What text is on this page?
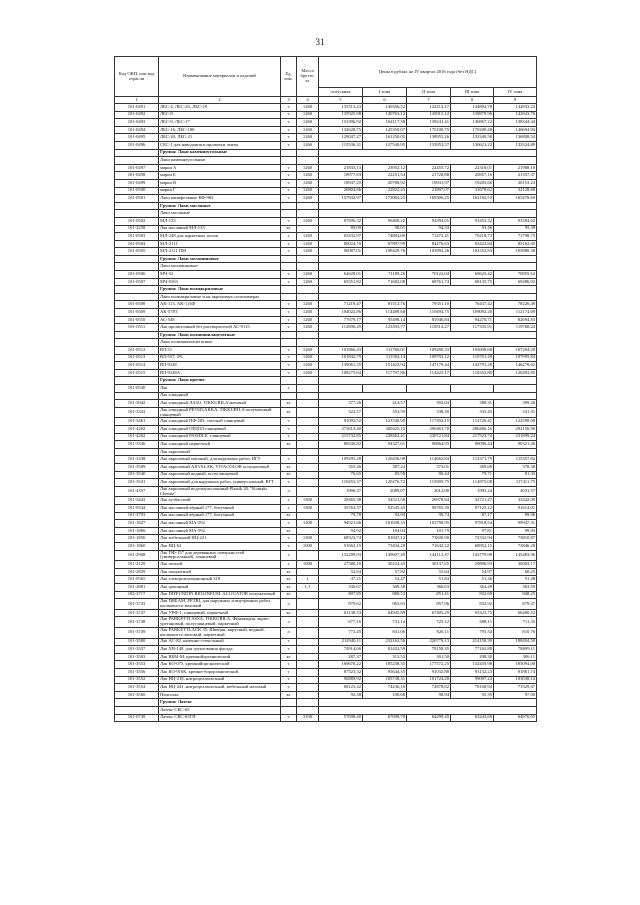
31
Код ОКП, или код отрасли	Наименование материалов и изделий	Ед. изм.	Масса брутто, кг	Цены в рублях на IV квартал 2016 года (без НДС)				
				отпускная	I зона	II зона	III зона	IV зона
1	2	3	4	5	6	7	8	9
101-0491	ЛБС-4, ЛБС-20, ЛБС-29	т	1260	135513,23	140356,52	142212,17	144892,78	142833,23
101-0492	ЛБС-8	т	1260	135925,98	140763,12	143915,12	139879,96	142843,76
101-0493	ЛБС-9, ЛБС-17	т	1260	131396,92	164117,38	138241,41	136867,22	138344,44
101-0494	ЛБС-16, ЛБС-180	т	1260	132628,75	145350,07	170100,75	170200,48	146694,94
101-0495	ЛБС-20, ЛБС-21	т	1260	129047,27	161250,05	138955,26	133340,58	136808,54
101-0496	СБС-1 для наводения и пропитки ленты	т	1260	115536,31	127540,95	133952,57	130621,22	133324,89
	Группа: Лаки каменноугольные							
	Лаки каменноугольные							
101-0497	марки А	т	1260	21833,13	23952,12	22455,72	22318,01	21988,10
101-0498	марки Б	т	1260	18977,83	22251,54	21728,88	20857,16	21357,37
101-0499	марки В	т	1260	18947,25	20788,92	19941,97	19283,66	20153,23
101-0500	марки Г	т	1260	20804,86	22822,43	21897,07	31678,62	32128,68
101-0501	Лаки канифольные КФ-965	т	1260	157942,97	173004,25	169306,25	162182,53	165478,69
	Группа: Лаки масляные							
	Лаки масляные							
101-0502	МЛ-133	т	1260	87696,32	96408,22	94394,05	93453,32	93394,62
101-2258	Лак масляный МЛ-133	кг		89,09	98,61	94,33	93,46	95,39
101-0503	МЛ-248 для паркетных полов	т	1260	65432,97	74894,00	71472,41	70218,73	71798,75
101-0504	МЛ-2111	т	1260	80024,70	87897,99	84276,63	83423,84	85162,45
101-0505	МЛ-2111 ПМ	т	1260	96087,01	108429,76	103992,26	102352,83	105880,38
	Группа: Лаки меламиновые							
	Лаки меламиновые							
101-0506	МЧ-52	т	1260	64629,01	71189,26	70122,04	69625,42	70855,62
101-0507	МЧ-0163	т	1260	65351,82	71682,08	68761,74	68135,75	69486,92
	Группа: Лаки полиакриловые							
	Лаки полиакриловые и на акриловых сополимерах							
101-0508	АК-113, АК-113Ф	т	1260	71219,47	81512,76	79351,10	76437,42	78226,49
101-0509	АК-578Т	т	1260	104022,86	114489,68	110494,75	109092,20	112174,69
101-0510	АС-548	т	1260	77679,17	95498,14	81946,84	94270,71	82694,83
101-0511	Лак пропиточный без растворителей АС-9115	т	1260	112696,45	123393,77	118514,27	117335,91	119768,24
	Группа: Лаки поливинилацетатные							
	Лаки поливинилацетатные							
101-0512	ВЛ-51	т	1260	101866,43	111760,01	109280,33	105698,68	107204,20
101-0513	ВЛ-557, 3%	т	1260	101842,79	111584,14	109793,12	110701,49	107995,84
101-0514	ВЛ-9148	т	1260	139061,35	151423,94	147179,44	142791,28	146278,62
101-0515	ВЛ-9148А	т	1260	108275,64	117797,86	114425,17	116352,80	120493,85
	Группа: Лаки прочие							
101-0540	Лак	т						
	Лак алкидный							
101-3042	Лак алкидный ЛАЗО, TIKKURILA матовый	кг		377,26	414,57	392,04	388,31	399,26
101-3343	Лак алкидный PETSILAKKA, TIKKURILA полуматовый глянцевый	кг		322,57	353,59	338,30	335,45	341,91
101-3461	Лак алкидный ПФ-283, светлый глянцевый	т		81093,52	121540,90	117492,15	114726,41	122598,08
101-4262	Лак алкидный ОРДОЛ глянцевый	т		275613,40	300425,15	290461,70	286486,16	292156,90
101-4262	Лак алкидный PASIDLE, глянцевый	т		215732,85	238462,41	230721,84	217523,74	231899,24
101-3346	Лак алкидный паркетный	кг		86536,82	94327,61	90864,93	90006,44	90321,46
	Лак акриловый							
101-3338	Лак акриловый матовый, для наружных работ, ВГТ	т		109295,28	120436,98	114662,84	112371,79	115357,92
101-3509	Лак акриловый AKVALAK, VIVACOLOR полуматовый	кг		355,26	387,24	373,01	369,68	378,38
101-3540	Лак акриловый водный, полуглянцевый	кг		76,65	83,58	80,44	79,71	81,33
101-3541	Лак акриловый для наружных работ, универсальный, ВГТ	т		110453,37	120276,72	115905,75	114875,08	117411,75
101-4357	Лак акриловый водоэмульсионный Plastik 20, "Kontakt Chemie"	л		1906,37	2089,07	2012,00	1993,24	2031,57
101-3443	Лак кузбасский	т	1300	28465,38	34521,56	26978,64	32721,47	33442,09
101-0544	Лак масляный чёрный 177, битумный	т	1300	35763,37	92545,45	90765,39	87123,12	91614,01
101-3793	Лак масляный чёрный 177, битумный	кг		79,78	92,94	90,74	87,17	89,96
101-1827	Лак масляный МА-592	т	1200	94921,66	101038,33	101798,95	97818,54	99947,31
101-1866	Лак масляный МА-592	кг		94,92	104,04	101,79	97,81	99,93
101-1856	Лак мебельный НЦ-221	т	1300	68523,74	81847,12	73820,90	72332,94	73810,87
101-1860	Лак НЦ-62	т	1000	91662,15	73434,28	71642,22	68852,15	73846,28
101-2908	Лак ПФ-157 для деревянных поверхностей (универсальный), глянцевый	т		132289,93	149607,49	144112,47	142779,98	145483,96
101-2129	Лак печной	т	1000	27580,10	30234,45	30137,65	29896,93	30083,17
101-2859	Лак покрытный	кг		52,64	57,82	55,64	54,97	60,25
101-0565	Лак электроизоляционный 318	кг	1	47,21	52,47	51,84	51,36	51,48
101-2881	Лак цапонный	кг	1,1	336,67	369,38	366,63	364,49	363,59
102-3717	Лак DIFFUNDIN BIOLINEUM, ALLIGATOR полуматовый	кг		807,85	880,53	851,41	832,68	848,25
101-3743	Лак DREAM, PETRI, для наружных и внутренних работ, шелковисто-матовый	л		879,62	963,63	857,96	832,92	879,47
101-3747	Лак УРФ-1, глянцевый, паркетный	кг		61138,53	64945,89	67405,29	65323,75	66400,52
101-3748	Лак PARKETTI ASSA, TIKKURILA, Финляндия, акрил-уретановый, полуглянцевый, паркетный	л		677,16	741,14	725,12	698,11	711,35
101-3749	Лак PARKETTLACK 35, Швеция, вирусный, водный, шелковисто-матовый, паркетный	л		772,45	841,66	826,11	795,34	810,76
101-3580	Лак АС-82, каменно-стекольный	т		212940,11	232162,56	220779,13	214158,39	188494,50
101-3337	Лак ХВ-148, для грунтования фасада	т		74914,66	81432,59	78158,35	77162,80	78699,11
101-3583	Лак ВБМ-М, кремнийорганический	кг		287,37	313,53	301,50	298,30	306,11
101-3553	Лак КО-075, кремнийорганический	т		169670,22	185238,35	177572,25	132435,98	185094,00
101-3556	Лак КО-916К, кремне-борорганический	т		87523,32	95644,35	91032,88	93132,23	91861,74
101-3552	Лак НЦ-218, нитроцеллюлозный	т		96889,92	105738,31	101724,28	99097,24	103038,14
101-3554	Лак НЦ-241, нитроцеллюлозный, мебельный матовый	т		68123,42	74236,16	72878,82	70168,94	71329,47
101-3560	Пентолак	кг		92,38	100,68	98,94	95,39	97,00
	Группа: Латекс							
	Латекс СКС-65							
101-0749	Латекс СКС-65ГП	т	3100	57698,40	67698,79	64299,45	63243,69	64676,65
